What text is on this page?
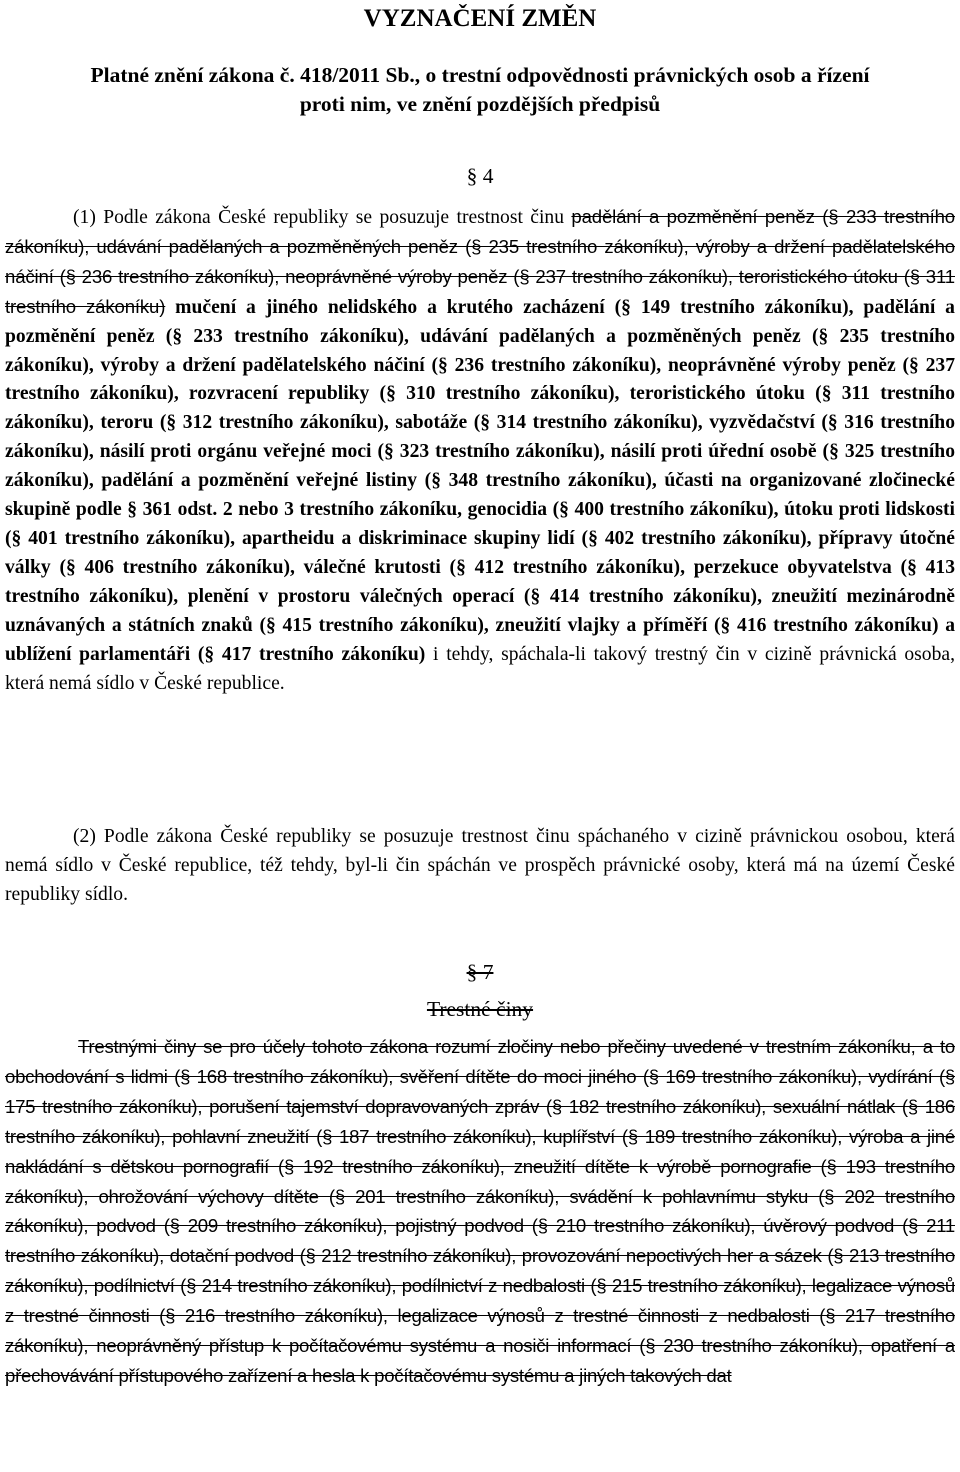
VYZNAČENÍ ZMĚN
Platné znění zákona č. 418/2011 Sb., o trestní odpovědnosti právnických osob a řízení
proti nim, ve znění pozdějších předpisů
§ 4

(1) Podle zákona České republiky se posuzuje trestnost činu padělání a pozměnění peněz (§ 233 trestního zákoníku), udávání padělaných a pozměněných peněz (§ 235 trestního zákoníku), výroby a držení padělatelského náčiní (§ 236 trestního zákoníku), neoprávněné výroby peněz (§ 237 trestního zákoníku), teroristického útoku (§ 311 trestního zákoníku) mučení a jiného nelidského a krutého zacházení (§ 149 trestního zákoníku), padělání a pozměnění peněz (§ 233 trestního zákoníku), udávání padělaných a pozměněných peněz (§ 235 trestního zákoníku), výroby a držení padělatelského náčiní (§ 236 trestního zákoníku), neoprávněné výroby peněz (§ 237 trestního zákoníku), rozvracení republiky (§ 310 trestního zákoníku), teroristického útoku (§ 311 trestního zákoníku), teroru (§ 312 trestního zákoníku), sabotáže (§ 314 trestního zákoníku), vyzvědačství (§ 316 trestního zákoníku), násilí proti orgánu veřejné moci (§ 323 trestního zákoníku), násilí proti úřední osobě (§ 325 trestního zákoníku), padělání a pozměnění veřejné listiny (§ 348 trestního zákoníku), účasti na organizované zločinecké skupině podle § 361 odst. 2 nebo 3 trestního zákoníku, genocidia (§ 400 trestního zákoníku), útoku proti lidskosti (§ 401 trestního zákoníku), apartheidu a diskriminace skupiny lidí (§ 402 trestního zákoníku), přípravy útočné války (§ 406 trestního zákoníku), válečné krutosti (§ 412 trestního zákoníku), perzekuce obyvatelstva (§ 413 trestního zákoníku), plenění v prostoru válečných operací (§ 414 trestního zákoníku), zneužití mezinárodně uznávaných a státních znaků (§ 415 trestního zákoníku), zneužití vlajky a příměří (§ 416 trestního zákoníku) a ublížení parlamentáři (§ 417 trestního zákoníku) i tehdy, spáchala-li takový trestný čin v cizině právnická osoba, která nemá sídlo v České republice.

(2) Podle zákona České republiky se posuzuje trestnost činu spáchaného v cizině právnickou osobou, která nemá sídlo v České republice, též tehdy, byl-li čin spáchán ve prospěch právnické osoby, která má na území České republiky sídlo.

§ 7
Trestné činy

Trestnými činy se pro účely tohoto zákona rozumí zločiny nebo přečiny uvedené v trestním zákoníku, a to obchodování s lidmi (§ 168 trestního zákoníku), svěření dítěte do moci jiného (§ 169 trestního zákoníku), vydírání (§ 175 trestního zákoníku), porušení tajemství dopravovaných zpráv (§ 182 trestního zákoníku), sexuální nátlak (§ 186 trestního zákoníku), pohlavní zneužití (§ 187 trestního zákoníku), kuplířství (§ 189 trestního zákoníku), výroba a jiné nakládání s dětskou pornografií (§ 192 trestního zákoníku), zneužití dítěte k výrobě pornografie (§ 193 trestního zákoníku), ohrožování výchovy dítěte (§ 201 trestního zákoníku), svádění k pohlavnímu styku (§ 202 trestního zákoníku), podvod (§ 209 trestního zákoníku), pojistný podvod (§ 210 trestního zákoníku), úvěrový podvod (§ 211 trestního zákoníku), dotační podvod (§ 212 trestního zákoníku), provozování nepoctivých her a sázek (§ 213 trestního zákoníku), podílnictví (§ 214 trestního zákoníku), podílnictví z nedbalosti (§ 215 trestního zákoníku), legalizace výnosů z trestné činnosti (§ 216 trestního zákoníku), legalizace výnosů z trestné činnosti z nedbalosti (§ 217 trestního zákoníku), neoprávněný přístup k počítačovému systému a nosiči informací (§ 230 trestního zákoníku), opatření a přechovávání přístupového zařízení a hesla k počítačovému systému a jiných takových dat
